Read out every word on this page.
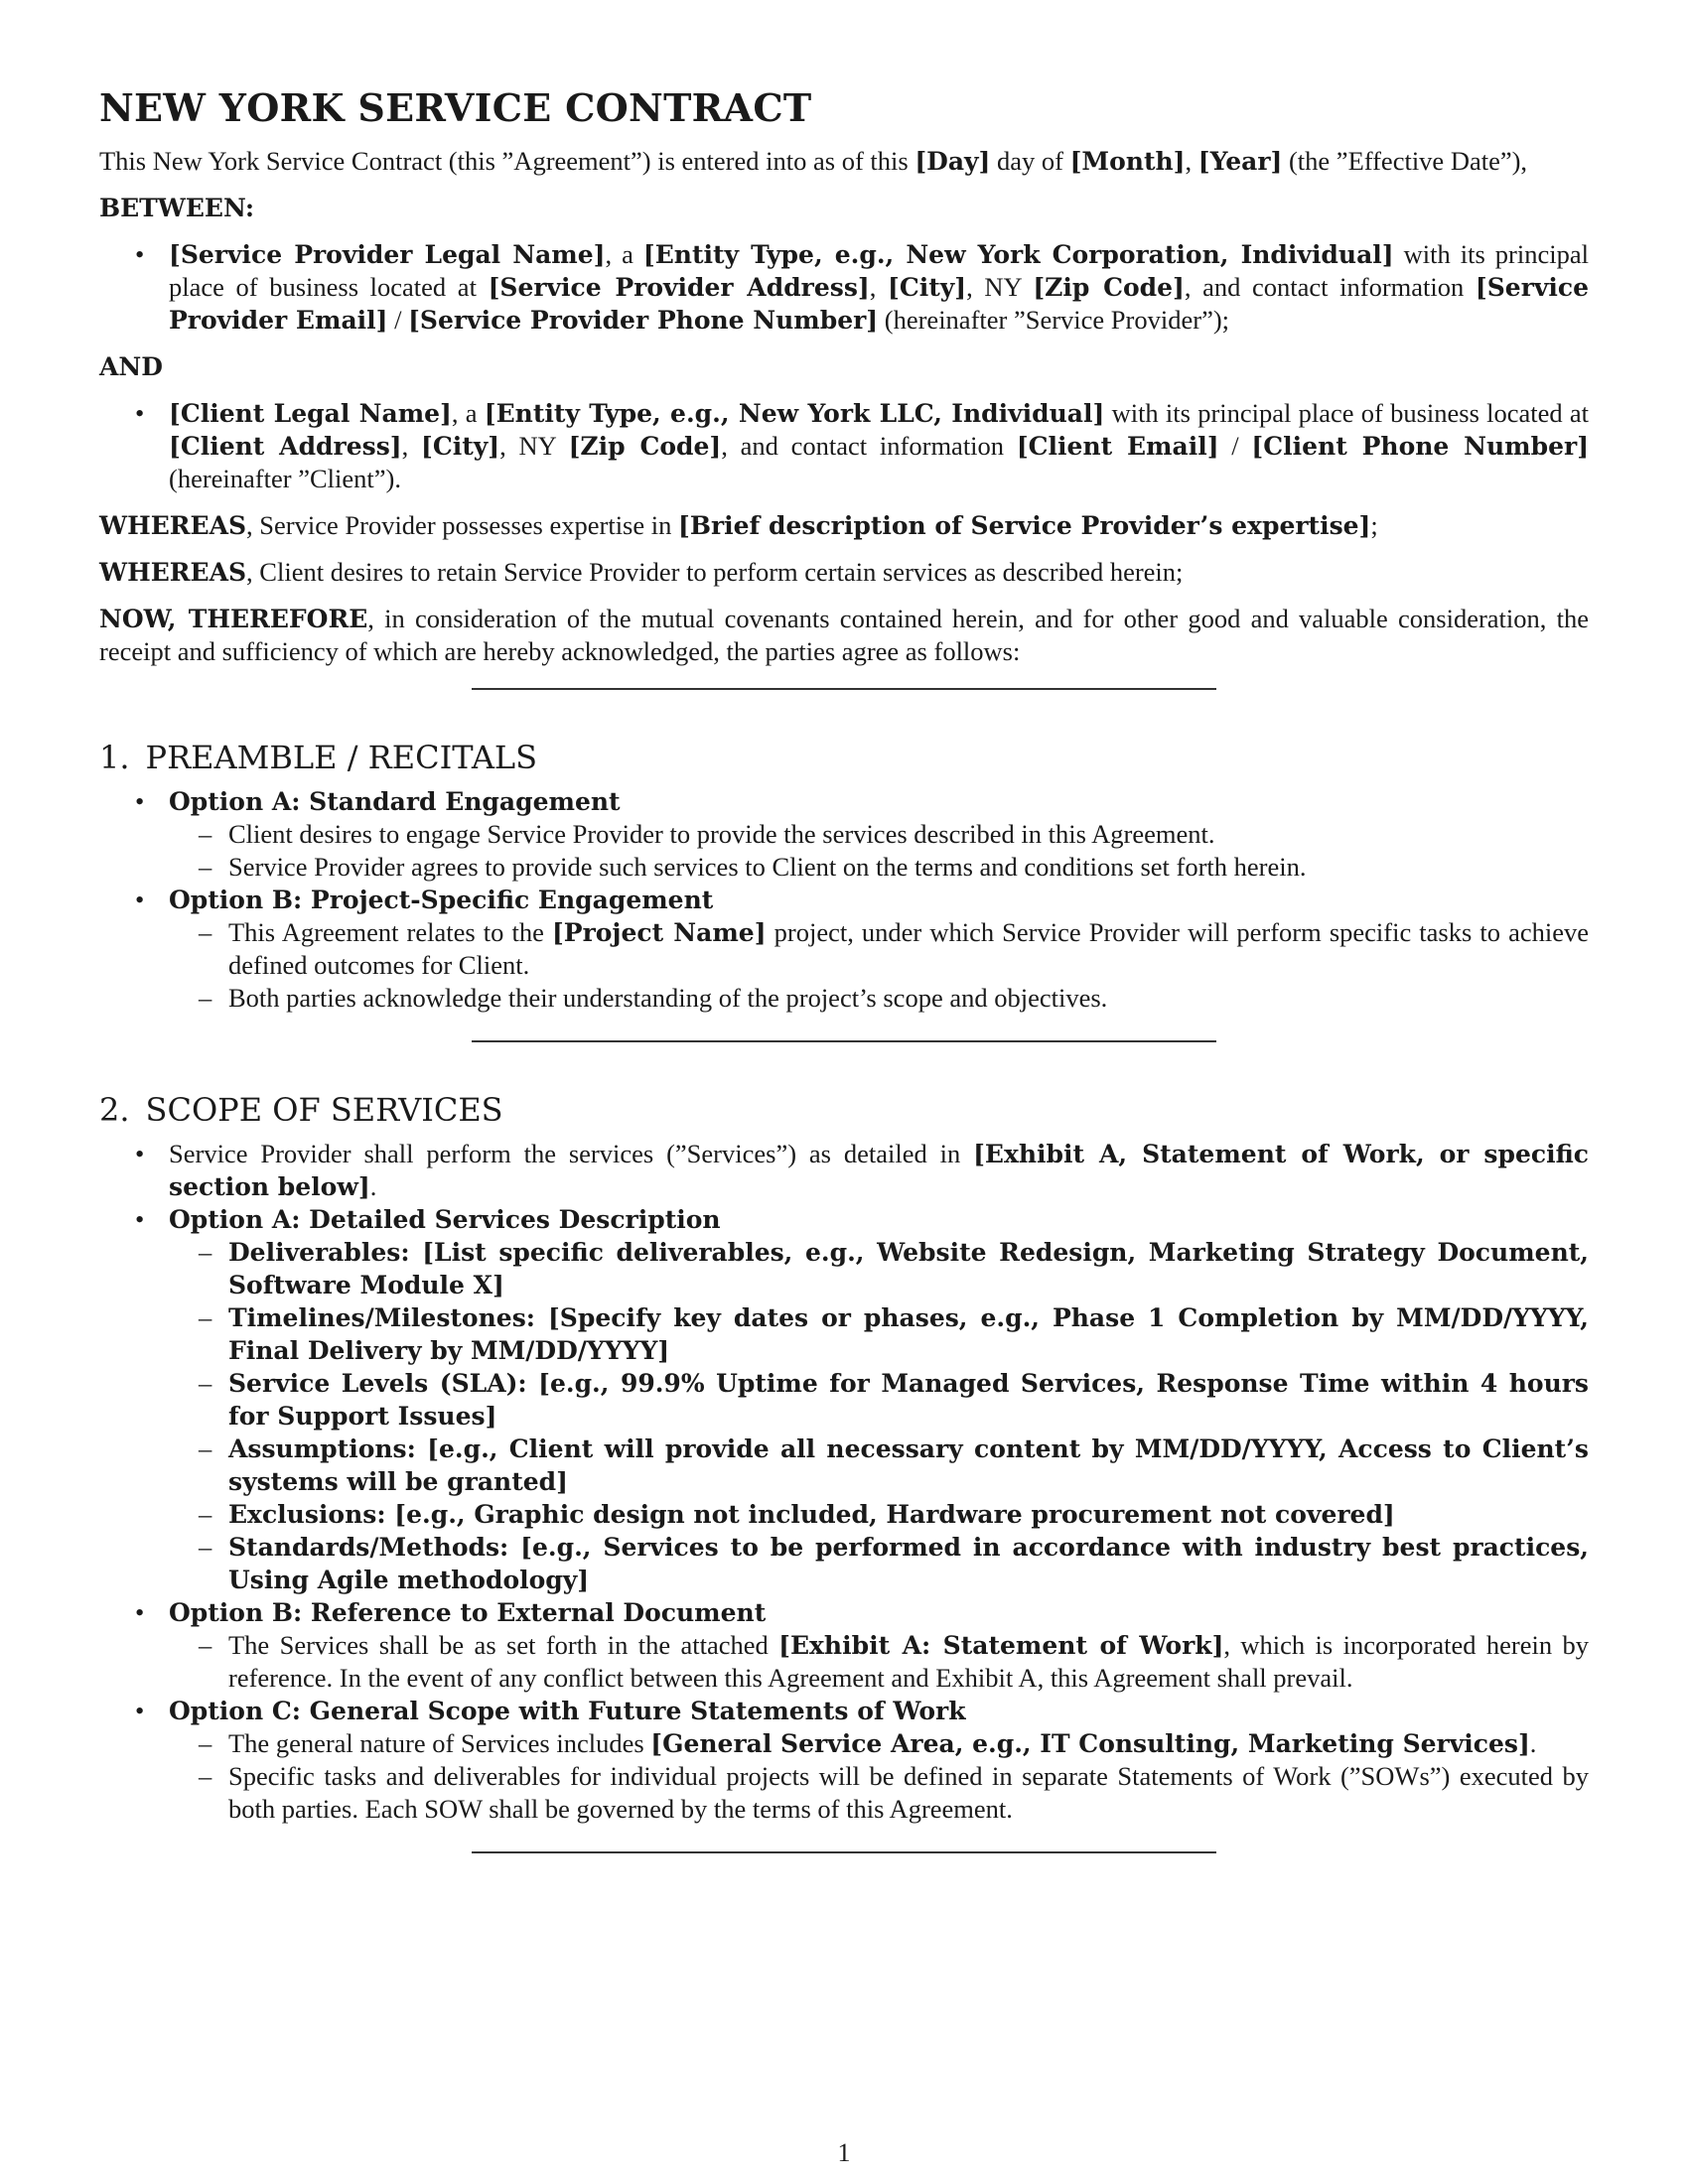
NEW YORK SERVICE CONTRACT

This New York Service Contract (this ”Agreement”) is entered into as of this [Day] day of [Month], [Year] (the ”Effective Date”),

BETWEEN:
• [Service Provider Legal Name], a [Entity Type, e.g., New York Corporation, Individual] with its principal place of business located at [Service Provider Address], [City], NY [Zip Code], and contact information [Service Provider Email] / [Service Provider Phone Number] (hereinafter ”Service Provider”);
AND
• [Client Legal Name], a [Entity Type, e.g., New York LLC, Individual] with its principal place of business located at [Client Address], [City], NY [Zip Code], and contact information [Client Email] / [Client Phone Number] (hereinafter ”Client”).

WHEREAS, Service Provider possesses expertise in [Brief description of Service Provider’s expertise];

WHEREAS, Client desires to retain Service Provider to perform certain services as described herein;

NOW, THEREFORE, in consideration of the mutual covenants contained herein, and for other good and valuable consideration, the receipt and sufficiency of which are hereby acknowledged, the parties agree as follows:

1. PREAMBLE / RECITALS
• Option A: Standard Engagement
– Client desires to engage Service Provider to provide the services described in this Agreement.
– Service Provider agrees to provide such services to Client on the terms and conditions set forth herein.
• Option B: Project-Specific Engagement
– This Agreement relates to the [Project Name] project, under which Service Provider will perform specific tasks to achieve defined outcomes for Client.
– Both parties acknowledge their understanding of the project’s scope and objectives.
2. SCOPE OF SERVICES
• Service Provider shall perform the services (”Services”) as detailed in [Exhibit A, Statement of Work, or specific section below].
• Option A: Detailed Services Description
– Deliverables: [List specific deliverables, e.g., Website Redesign, Marketing Strategy Document, Software Module X]
– Timelines/Milestones: [Specify key dates or phases, e.g., Phase 1 Completion by MM/DD/YYYY, Final Delivery by MM/DD/YYYY]
– Service Levels (SLA): [e.g., 99.9% Uptime for Managed Services, Response Time within 4 hours for Support Issues]
– Assumptions: [e.g., Client will provide all necessary content by MM/DD/YYYY, Access to Client’s systems will be granted]
– Exclusions: [e.g., Graphic design not included, Hardware procurement not covered]
– Standards/Methods: [e.g., Services to be performed in accordance with industry best practices, Using Agile methodology]
• Option B: Reference to External Document
– The Services shall be as set forth in the attached [Exhibit A: Statement of Work], which is incorporated herein by reference. In the event of any conflict between this Agreement and Exhibit A, this Agreement shall prevail.
• Option C: General Scope with Future Statements of Work
– The general nature of Services includes [General Service Area, e.g., IT Consulting, Marketing Services].
– Specific tasks and deliverables for individual projects will be defined in separate Statements of Work (”SOWs”) executed by both parties. Each SOW shall be governed by the terms of this Agreement.
1
